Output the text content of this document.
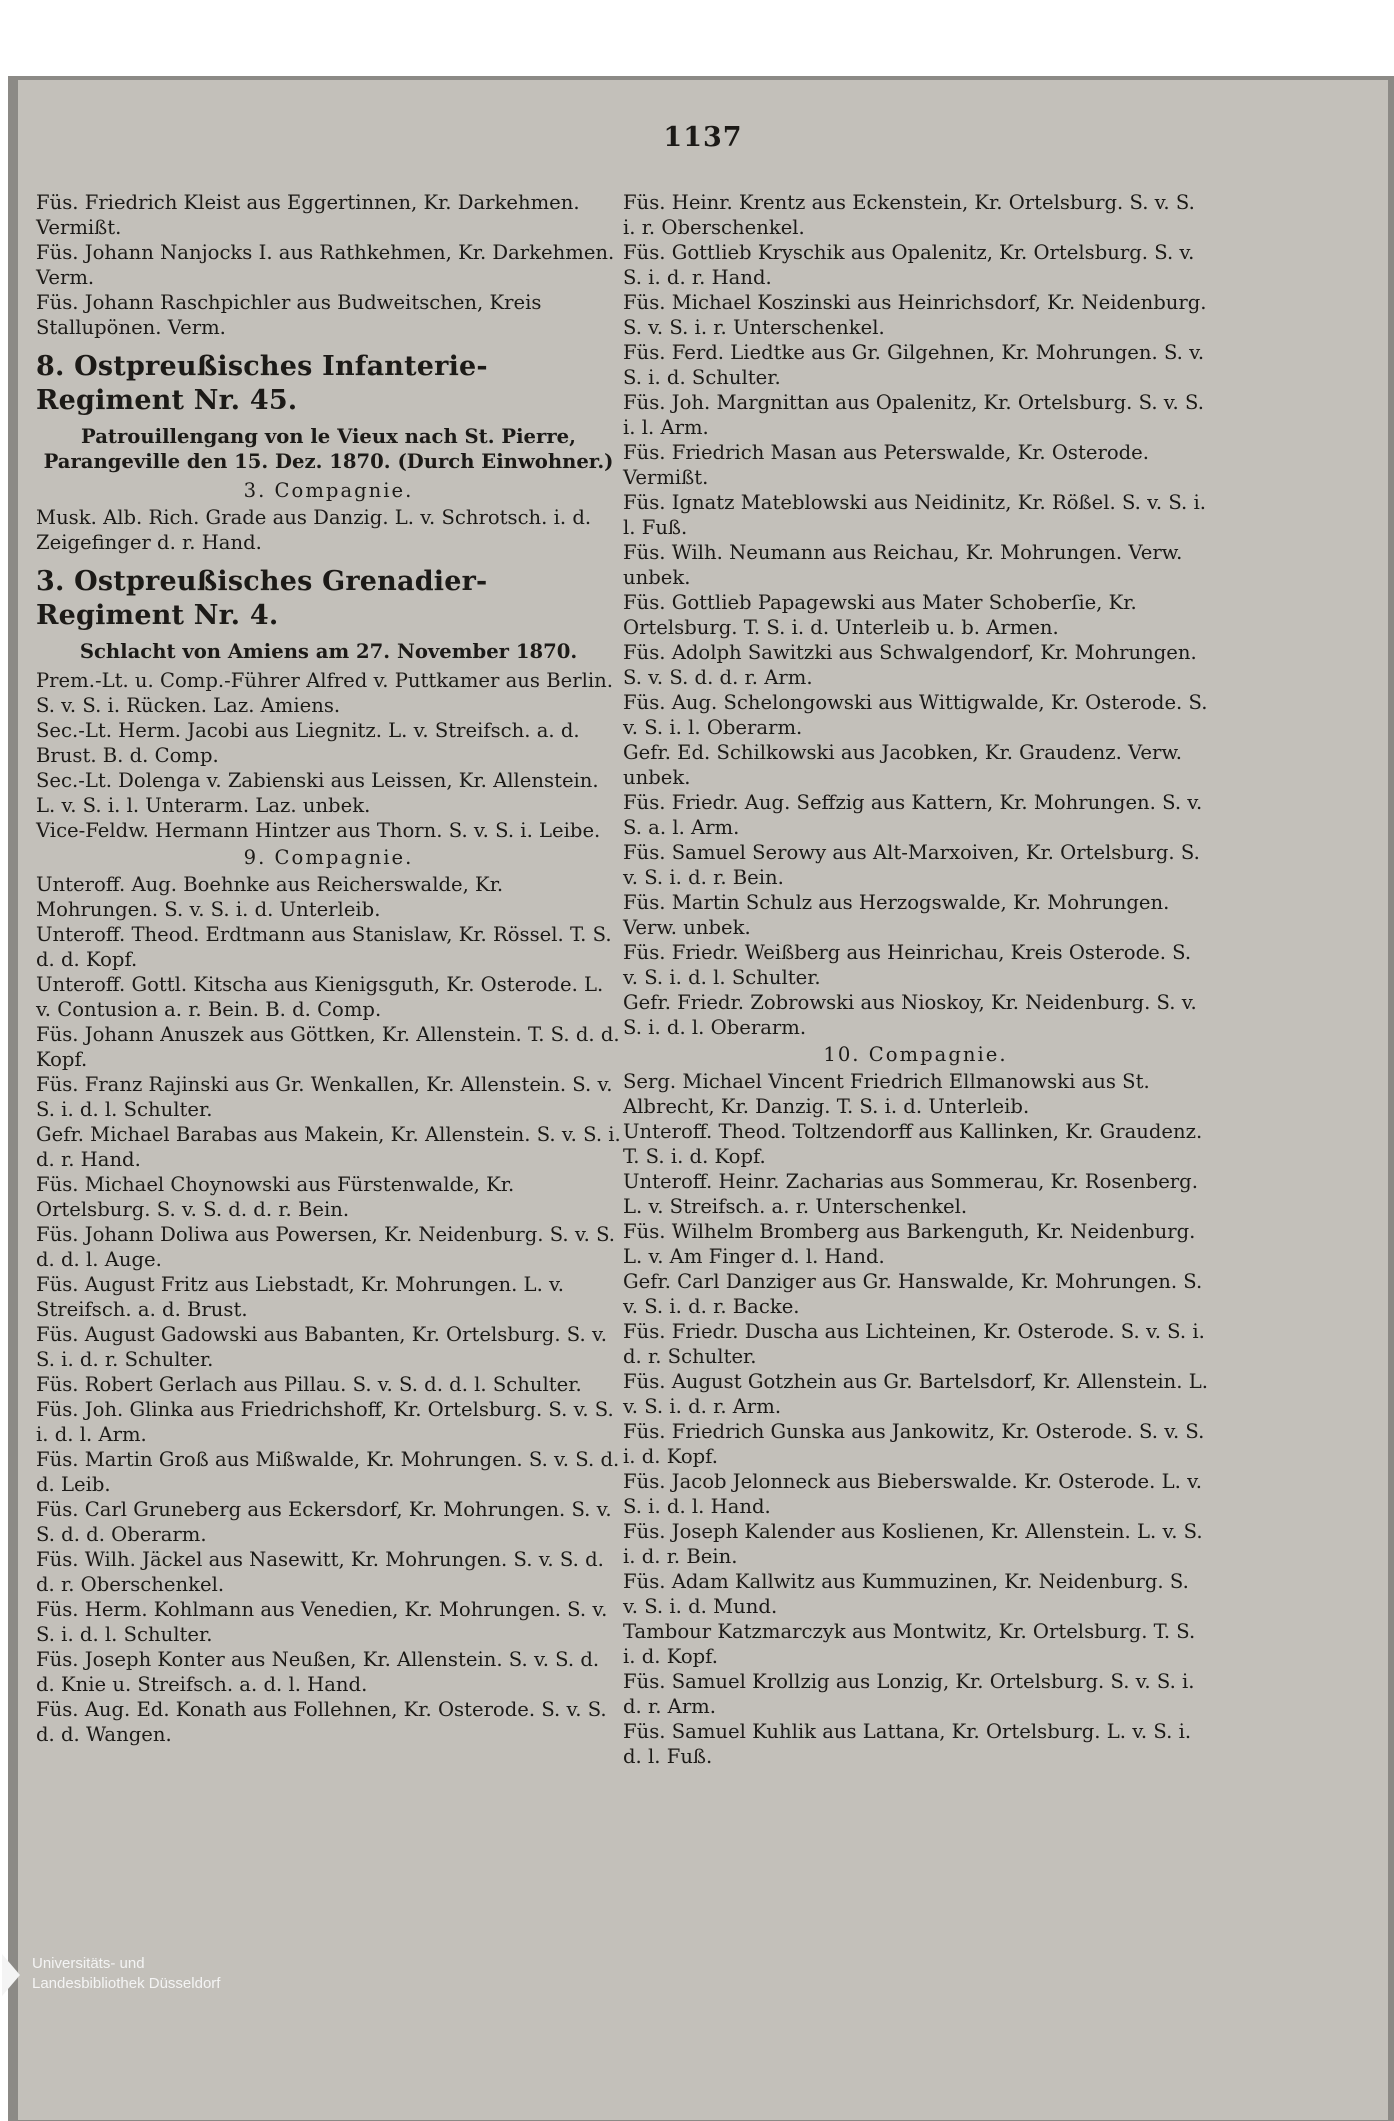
1137

Füs. Friedrich Kleist aus Eggertinnen, Kr. Darkehmen. Vermißt.

Füs. Johann Nanjocks I. aus Rathkehmen, Kr. Darkehmen. Verm.

Füs. Johann Raschpichler aus Budweitschen, Kreis Stallupönen. Verm.

8. Ostpreußisches Infanterie-Regiment Nr. 45.

Patrouillengang von le Vieux nach St. Pierre, Parangeville den 15. Dez. 1870. (Durch Einwohner.)

3. Compagnie.

Musk. Alb. Rich. Grade aus Danzig. L. v. Schrotsch. i. d. Zeigefinger d. r. Hand.

3. Ostpreußisches Grenadier-Regiment Nr. 4.

Schlacht von Amiens am 27. November 1870.

Prem.-Lt. u. Comp.-Führer Alfred v. Puttkamer aus Berlin. S. v. S. i. Rücken. Laz. Amiens.

Sec.-Lt. Herm. Jacobi aus Liegnitz. L. v. Streifsch. a. d. Brust. B. d. Comp.

Sec.-Lt. Dolenga v. Zabienski aus Leissen, Kr. Allenstein. L. v. S. i. l. Unterarm. Laz. unbek.

Vice-Feldw. Hermann Hintzer aus Thorn. S. v. S. i. Leibe.

9. Compagnie.

Unteroff. Aug. Boehnke aus Reicherswalde, Kr. Mohrungen. S. v. S. i. d. Unterleib.

Unteroff. Theod. Erdtmann aus Stanislaw, Kr. Rössel. T. S. d. d. Kopf.

Unteroff. Gottl. Kitscha aus Kienigsguth, Kr. Osterode. L. v. Contusion a. r. Bein. B. d. Comp.

Füs. Johann Anuszek aus Göttken, Kr. Allenstein. T. S. d. d. Kopf.

Füs. Franz Rajinski aus Gr. Wenkallen, Kr. Allenstein. S. v. S. i. d. l. Schulter.

Gefr. Michael Barabas aus Makein, Kr. Allenstein. S. v. S. i. d. r. Hand.

Füs. Michael Choynowski aus Fürstenwalde, Kr. Ortelsburg. S. v. S. d. d. r. Bein.

Füs. Johann Doliwa aus Powersen, Kr. Neidenburg. S. v. S. d. d. l. Auge.

Füs. August Fritz aus Liebstadt, Kr. Mohrungen. L. v. Streifsch. a. d. Brust.

Füs. August Gadowski aus Babanten, Kr. Ortelsburg. S. v. S. i. d. r. Schulter.

Füs. Robert Gerlach aus Pillau. S. v. S. d. d. l. Schulter.

Füs. Joh. Glinka aus Friedrichshoff, Kr. Ortelsburg. S. v. S. i. d. l. Arm.

Füs. Martin Groß aus Mißwalde, Kr. Mohrungen. S. v. S. d. d. Leib.

Füs. Carl Gruneberg aus Eckersdorf, Kr. Mohrungen. S. v. S. d. d. Oberarm.

Füs. Wilh. Jäckel aus Nasewitt, Kr. Mohrungen. S. v. S. d. d. r. Oberschenkel.

Füs. Herm. Kohlmann aus Venedien, Kr. Mohrungen. S. v. S. i. d. l. Schulter.

Füs. Joseph Konter aus Neußen, Kr. Allenstein. S. v. S. d. d. Knie u. Streifsch. a. d. l. Hand.

Füs. Aug. Ed. Konath aus Follehnen, Kr. Osterode. S. v. S. d. d. Wangen.

Füs. Heinr. Krentz aus Eckenstein, Kr. Ortelsburg. S. v. S. i. r. Oberschenkel.

Füs. Gottlieb Kryschik aus Opalenitz, Kr. Ortelsburg. S. v. S. i. d. r. Hand.

Füs. Michael Koszinski aus Heinrichsdorf, Kr. Neidenburg. S. v. S. i. r. Unterschenkel.

Füs. Ferd. Liedtke aus Gr. Gilgehnen, Kr. Mohrungen. S. v. S. i. d. Schulter.

Füs. Joh. Margnittan aus Opalenitz, Kr. Ortelsburg. S. v. S. i. l. Arm.

Füs. Friedrich Masan aus Peterswalde, Kr. Osterode. Vermißt.

Füs. Ignatz Mateblowski aus Neidinitz, Kr. Rößel. S. v. S. i. l. Fuß.

Füs. Wilh. Neumann aus Reichau, Kr. Mohrungen. Verw. unbek.

Füs. Gottlieb Papagewski aus Mater Schoberſie, Kr. Ortelsburg. T. S. i. d. Unterleib u. b. Armen.

Füs. Adolph Sawitzki aus Schwalgendorf, Kr. Mohrungen. S. v. S. d. d. r. Arm.

Füs. Aug. Schelongowski aus Wittigwalde, Kr. Osterode. S. v. S. i. l. Oberarm.

Gefr. Ed. Schilkowski aus Jacobken, Kr. Graudenz. Verw. unbek.

Füs. Friedr. Aug. Seffzig aus Kattern, Kr. Mohrungen. S. v. S. a. l. Arm.

Füs. Samuel Serowy aus Alt-Marxoiven, Kr. Ortelsburg. S. v. S. i. d. r. Bein.

Füs. Martin Schulz aus Herzogswalde, Kr. Mohrungen. Verw. unbek.

Füs. Friedr. Weißberg aus Heinrichau, Kreis Osterode. S. v. S. i. d. l. Schulter.

Gefr. Friedr. Zobrowski aus Nioskoy, Kr. Neidenburg. S. v. S. i. d. l. Oberarm.

10. Compagnie.

Serg. Michael Vincent Friedrich Ellmanowski aus St. Albrecht, Kr. Danzig. T. S. i. d. Unterleib.

Unteroff. Theod. Toltzendorff aus Kallinken, Kr. Graudenz. T. S. i. d. Kopf.

Unteroff. Heinr. Zacharias aus Sommerau, Kr. Rosenberg. L. v. Streifsch. a. r. Unterschenkel.

Füs. Wilhelm Bromberg aus Barkenguth, Kr. Neidenburg. L. v. Am Finger d. l. Hand.

Gefr. Carl Danziger aus Gr. Hanswalde, Kr. Mohrungen. S. v. S. i. d. r. Backe.

Füs. Friedr. Duscha aus Lichteinen, Kr. Osterode. S. v. S. i. d. r. Schulter.

Füs. August Gotzhein aus Gr. Bartelsdorf, Kr. Allenstein. L. v. S. i. d. r. Arm.

Füs. Friedrich Gunska aus Jankowitz, Kr. Osterode. S. v. S. i. d. Kopf.

Füs. Jacob Jelonneck aus Bieberswalde. Kr. Osterode. L. v. S. i. d. l. Hand.

Füs. Joseph Kalender aus Koslienen, Kr. Allenstein. L. v. S. i. d. r. Bein.

Füs. Adam Kallwitz aus Kummuzinen, Kr. Neidenburg. S. v. S. i. d. Mund.

Tambour Katzmarczyk aus Montwitz, Kr. Ortelsburg. T. S. i. d. Kopf.

Füs. Samuel Krollzig aus Lonzig, Kr. Ortelsburg. S. v. S. i. d. r. Arm.

Füs. Samuel Kuhlik aus Lattana, Kr. Ortelsburg. L. v. S. i. d. l. Fuß.

Universitäts- und
Landesbibliothek Düsseldorf
